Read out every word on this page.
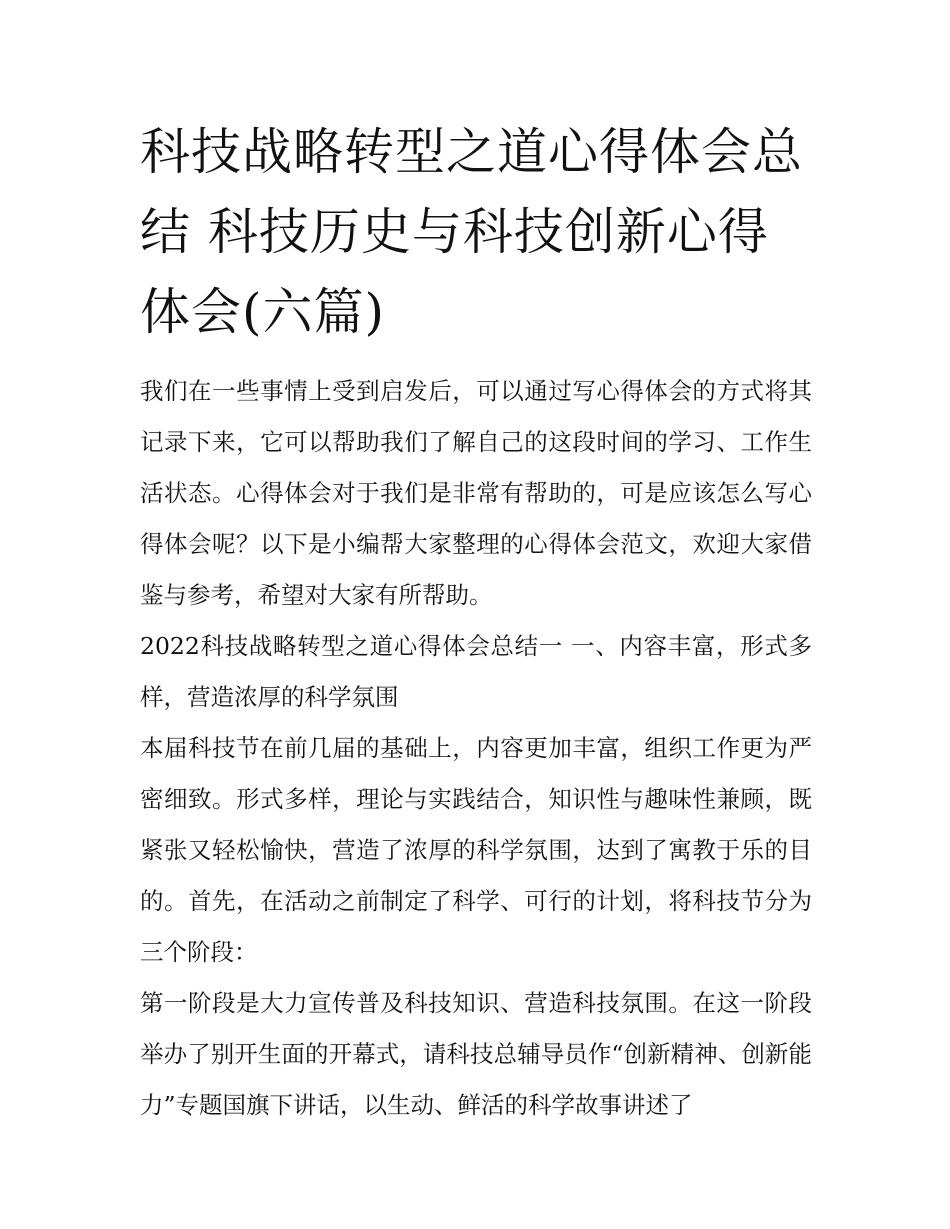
科技战略转型之道心得体会总结 科技历史与科技创新心得体会(六篇)

我们在一些事情上受到启发后，可以通过写心得体会的方式将其记录下来，它可以帮助我们了解自己的这段时间的学习、工作生活状态。心得体会对于我们是非常有帮助的，可是应该怎么写心得体会呢？以下是小编帮大家整理的心得体会范文，欢迎大家借鉴与参考，希望对大家有所帮助。

2022科技战略转型之道心得体会总结一 一、内容丰富，形式多样，营造浓厚的科学氛围

本届科技节在前几届的基础上，内容更加丰富，组织工作更为严密细致。形式多样，理论与实践结合，知识性与趣味性兼顾，既紧张又轻松愉快，营造了浓厚的科学氛围，达到了寓教于乐的目的。首先，在活动之前制定了科学、可行的计划，将科技节分为三个阶段：

第一阶段是大力宣传普及科技知识、营造科技氛围。在这一阶段举办了别开生面的开幕式，请科技总辅导员作“创新精神、创新能力”专题国旗下讲话，以生动、鲜活的科学故事讲述了
